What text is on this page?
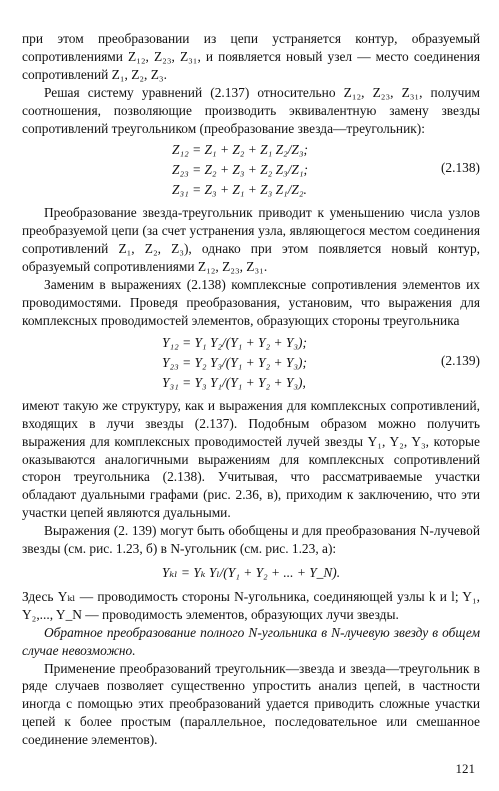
при этом преобразовании из цепи устраняется контур, образуемый сопротивлениями Z₁₂, Z₂₃, Z₃₁, и появляется новый узел — место соединения сопротивлений Z₁, Z₂, Z₃.

Решая систему уравнений (2.137) относительно Z₁₂, Z₂₃, Z₃₁, получим соотношения, позволяющие производить эквивалентную замену звезды сопротивлений треугольником (преобразование звезда—треугольник):

Z₁₂ = Z₁ + Z₂ + Z₁ Z₂/Z₃;
Z₂₃ = Z₂ + Z₃ + Z₂ Z₃/Z₁;
Z₃₁ = Z₃ + Z₁ + Z₃ Z₁/Z₂.
(2.138)

Преобразование звезда-треугольник приводит к уменьшению числа узлов преобразуемой цепи (за счет устранения узла, являющегося местом соединения сопротивлений Z₁, Z₂, Z₃), однако при этом появляется новый контур, образуемый сопротивлениями Z₁₂, Z₂₃, Z₃₁.

Заменим в выражениях (2.138) комплексные сопротивления элементов их проводимостями. Проведя преобразования, установим, что выражения для комплексных проводимостей элементов, образующих стороны треугольника

Y₁₂ = Y₁ Y₂/(Y₁ + Y₂ + Y₃);
Y₂₃ = Y₂ Y₃/(Y₁ + Y₂ + Y₃);
Y₃₁ = Y₃ Y₁/(Y₁ + Y₂ + Y₃),
(2.139)

имеют такую же структуру, как и выражения для комплексных сопротивлений, входящих в лучи звезды (2.137). Подобным образом можно получить выражения для комплексных проводимостей лучей звезды Y₁, Y₂, Y₃, которые оказываются аналогичными выражениям для комплексных сопротивлений сторон треугольника (2.138). Учитывая, что рассматриваемые участки обладают дуальными графами (рис. 2.36, в), приходим к заключению, что эти участки цепей являются дуальными.

Выражения (2. 139) могут быть обобщены и для преобразования N-лучевой звезды (см. рис. 1.23, б) в N-угольник (см. рис. 1.23, а):

Yₖₗ = Yₖ Yₗ/(Y₁ + Y₂ + ... + Y_N).

Здесь Yₖₗ — проводимость стороны N-угольника, соединяющей узлы k и l; Y₁, Y₂,..., Y_N — проводимость элементов, образующих лучи звезды.

Обратное преобразование полного N-угольника в N-лучевую звезду в общем случае невозможно.

Применение преобразований треугольник—звезда и звезда—треугольник в ряде случаев позволяет существенно упростить анализ цепей, в частности иногда с помощью этих преобразований удается приводить сложные участки цепей к более простым (параллельное, последовательное или смешанное соединение элементов).

121
